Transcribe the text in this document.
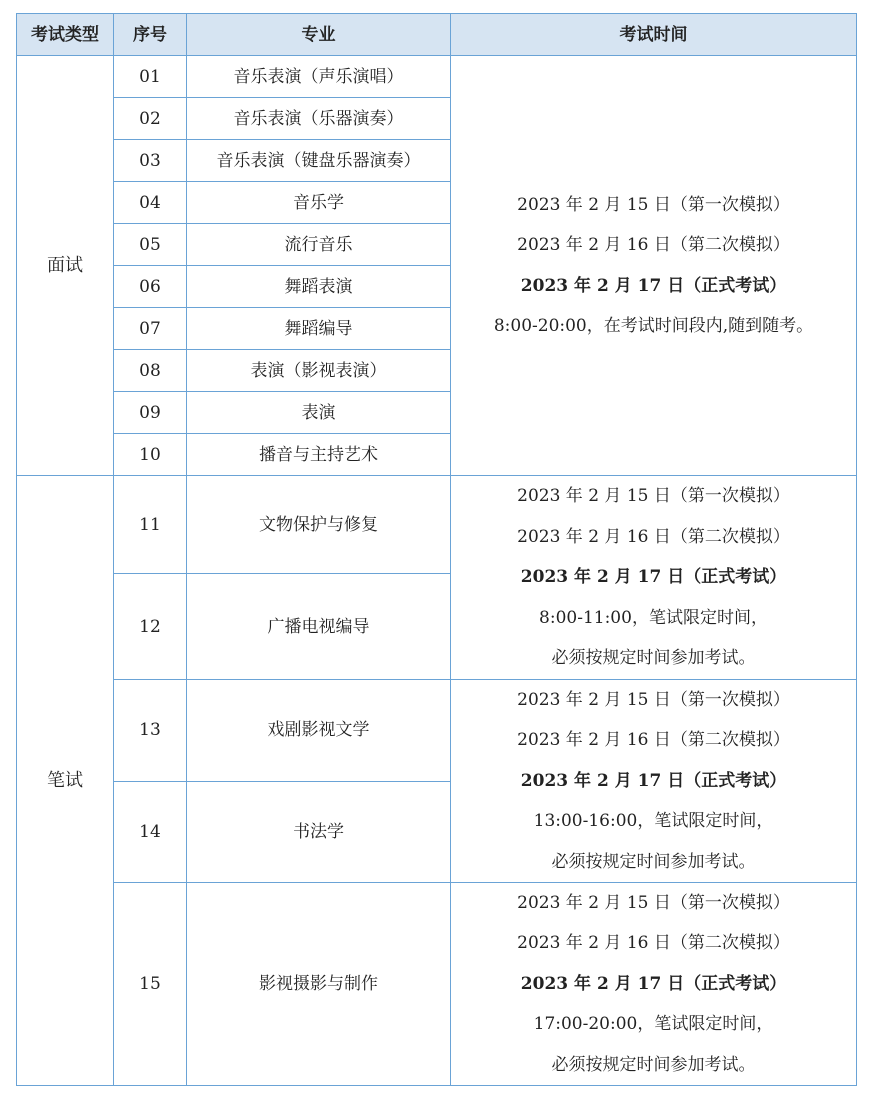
考试类型	序号	专业	考试时间
面试	01	音乐表演（声乐演唱）	2023 年 2 月 15 日（第一次模拟）
2023 年 2 月 16 日（第二次模拟）
2023 年 2 月 17 日（正式考试）
8:00-20:00，在考试时间段内,随到随考。

	02	音乐表演（乐器演奏）	
	03	音乐表演（键盘乐器演奏）	
	04	音乐学	
	05	流行音乐	
	06	舞蹈表演	
	07	舞蹈编导	
	08	表演（影视表演）	
	09	表演	
	10	播音与主持艺术	
笔试	11	文物保护与修复	2023 年 2 月 15 日（第一次模拟）
2023 年 2 月 16 日（第二次模拟）
2023 年 2 月 17 日（正式考试）
8:00-11:00，笔试限定时间，
必须按规定时间参加考试。

	12	广播电视编导	
	13	戏剧影视文学	2023 年 2 月 15 日（第一次模拟）
2023 年 2 月 16 日（第二次模拟）
2023 年 2 月 17 日（正式考试）
13:00-16:00，笔试限定时间，
必须按规定时间参加考试。

	14	书法学	
	15	影视摄影与制作	2023 年 2 月 15 日（第一次模拟）
2023 年 2 月 16 日（第二次模拟）
2023 年 2 月 17 日（正式考试）
17:00-20:00，笔试限定时间，
必须按规定时间参加考试。
